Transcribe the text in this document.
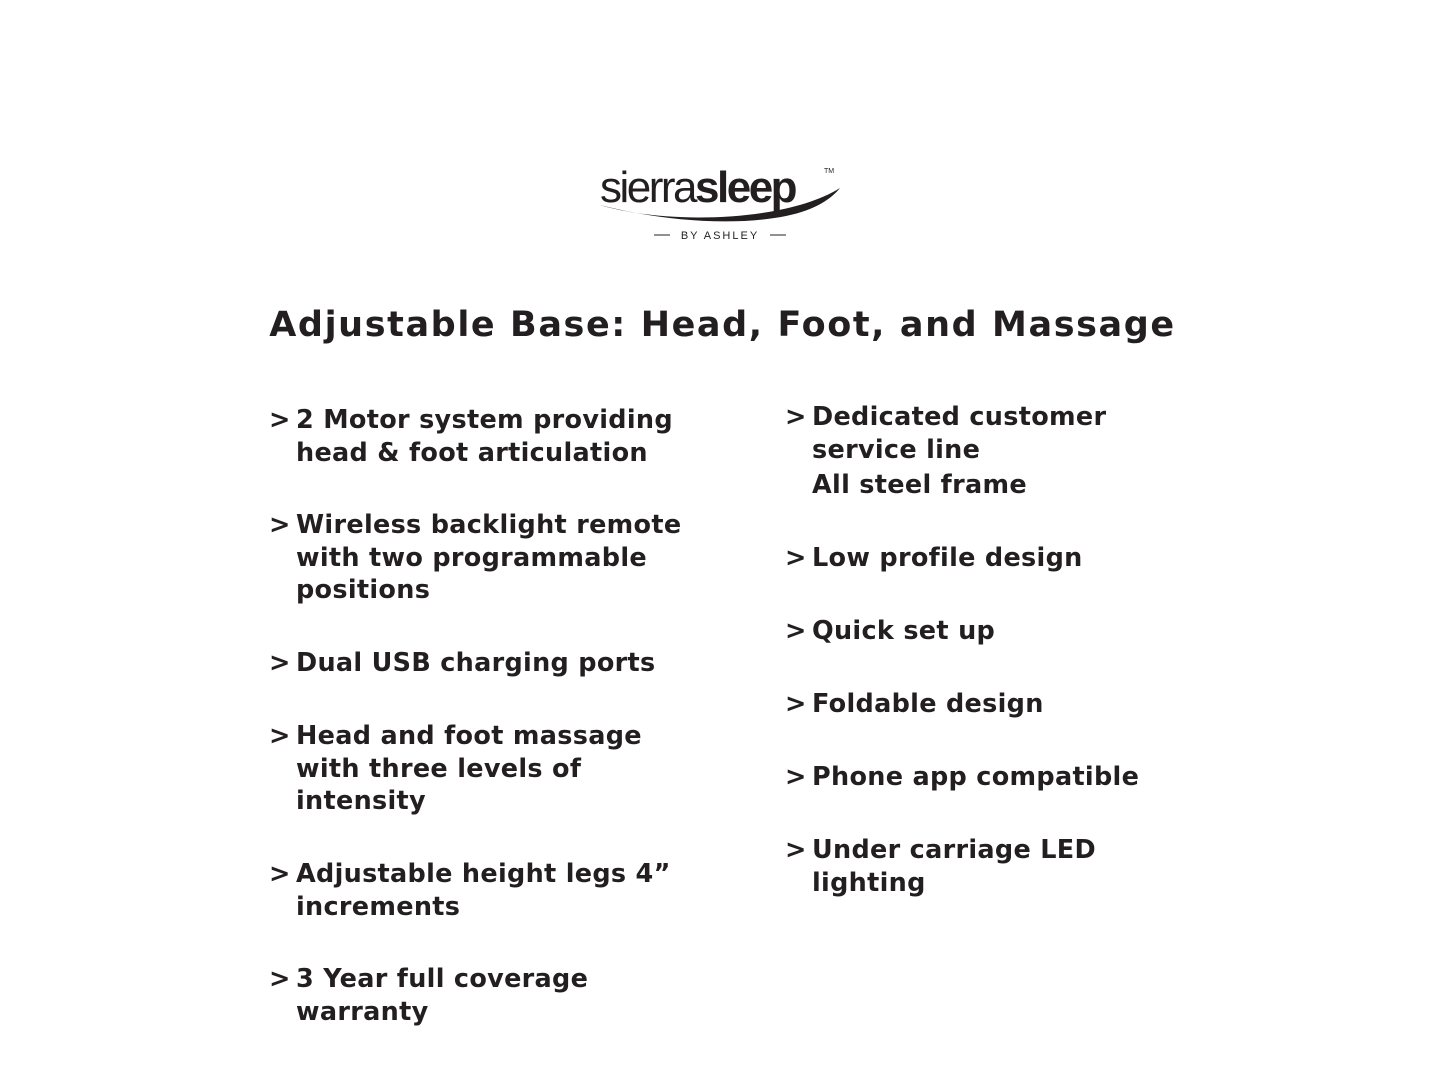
sierrasleep	TM
BY ASHLEY
Adjustable Base: Head, Foot, and Massage
> 2 Motor system providing
head & foot articulation
> Wireless backlight remote
with two programmable
positions
> Dual USB charging ports
> Head and foot massage
with three levels of
intensity
> Adjustable height legs 4”
increments
> 3 Year full coverage
warranty
> Dedicated customer
service line
All steel frame
> Low profile design
> Quick set up
> Foldable design
> Phone app compatible
> Under carriage LED
lighting
